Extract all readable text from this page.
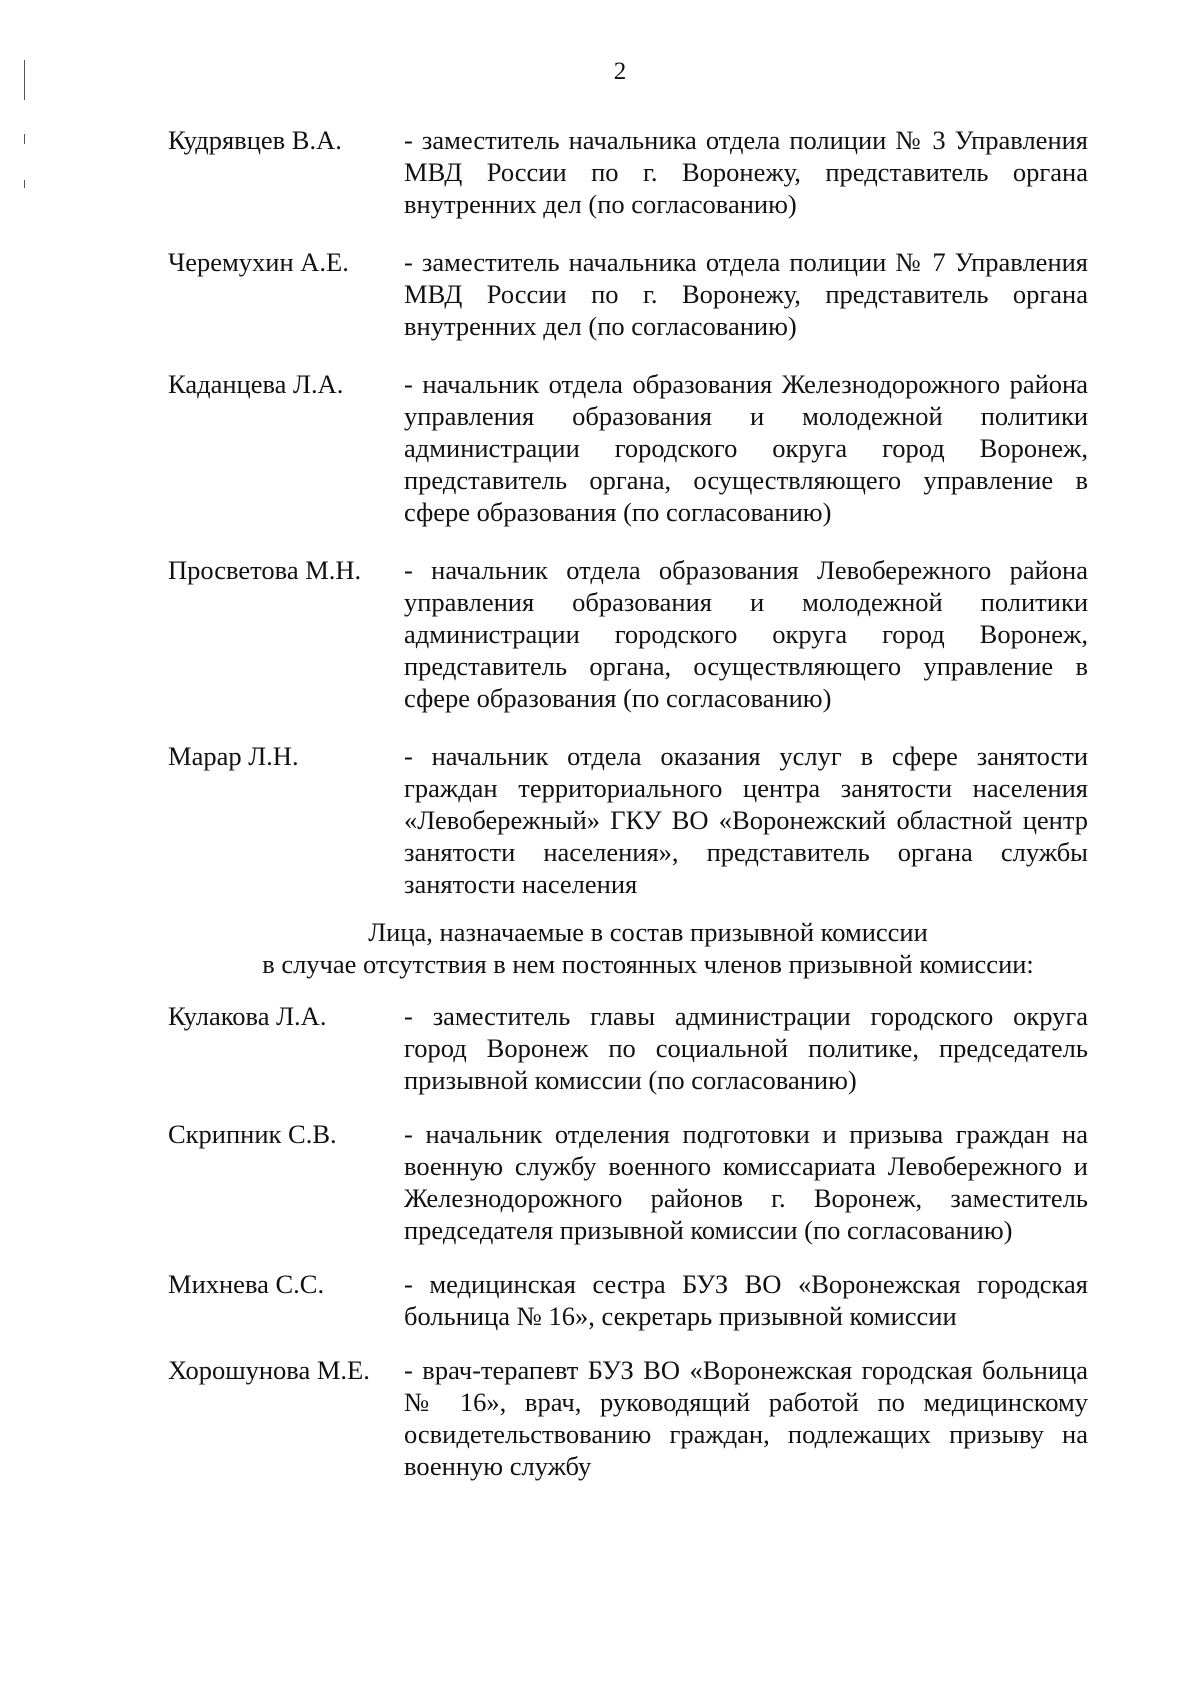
2
Кудрявцев В.А.	- заместитель начальника отдела полиции № 3 Управления МВД России по г. Воронежу, представитель органа внутренних дел (по согласованию)
Черемухин А.Е.	- заместитель начальника отдела полиции № 7 Управления МВД России по г. Воронежу, представитель органа внутренних дел (по согласованию)
Каданцева Л.А.	- начальник отдела образования Железнодорожного района управления образования и молодежной политики администрации городского округа город Воронеж, представитель органа, осуществляющего управление в сфере образования (по согласованию)
Просветова М.Н.	- начальник отдела образования Левобережного района управления образования и молодежной политики администрации городского округа город Воронеж, представитель органа, осуществляющего управление в сфере образования (по согласованию)
Марар Л.Н.	- начальник отдела оказания услуг в сфере занятости граждан территориального центра занятости населения «Левобережный» ГКУ ВО «Воронежский областной центр занятости населения», представитель органа службы занятости населения
Лица, назначаемые в состав призывной комиссии
в случае отсутствия в нем постоянных членов призывной комиссии:
Кулакова Л.А.	- заместитель главы администрации городского округа город Воронеж по социальной политике, председатель призывной комиссии (по согласованию)
Скрипник С.В.	- начальник отделения подготовки и призыва граждан на военную службу военного комиссариата Левобережного и Железнодорожного районов г. Воронеж, заместитель председателя призывной комиссии (по согласованию)
Михнева С.С.	- медицинская сестра БУЗ ВО «Воронежская городская больница № 16», секретарь призывной комиссии
Хорошунова М.Е.	- врач-терапевт БУЗ ВО «Воронежская городская больница № 16», врач, руководящий работой по медицинскому освидетельствованию граждан, подлежащих призыву на военную службу
